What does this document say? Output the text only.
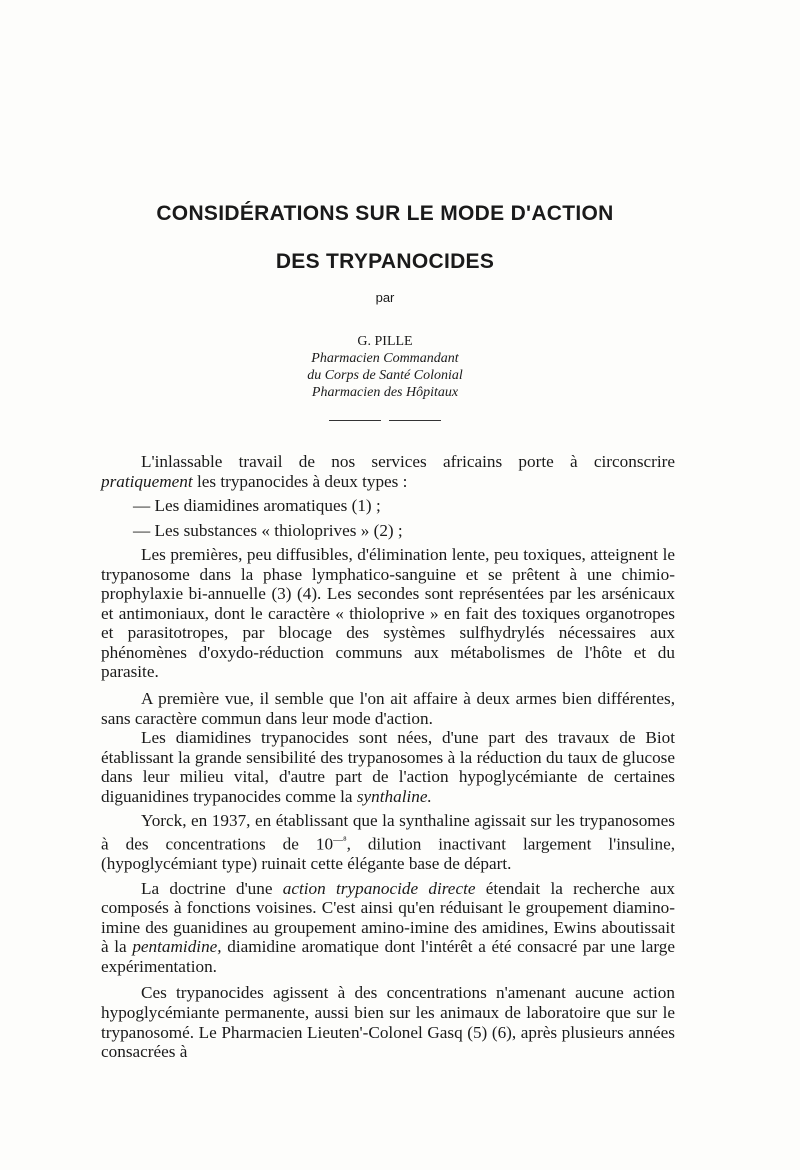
CONSIDÉRATIONS SUR LE MODE D'ACTION
DES TRYPANOCIDES
par
G. PILLE
Pharmacien Commandant
du Corps de Santé Colonial
Pharmacien des Hôpitaux

L'inlassable travail de nos services africains porte à circonscrire pratiquement les trypanocides à deux types :

— Les diamidines aromatiques (1) ;

— Les substances « thioloprives » (2) ;

Les premières, peu diffusibles, d'élimination lente, peu toxiques, atteignent le trypanosome dans la phase lymphatico-sanguine et se prêtent à une chimio-prophylaxie bi-annuelle (3) (4). Les secondes sont représentées par les arsénicaux et antimoniaux, dont le caractère « thioloprive » en fait des toxiques organotropes et parasitotropes, par blocage des systèmes sulfhydrylés nécessaires aux phénomènes d'oxydo-réduction communs aux métabolismes de l'hôte et du parasite.

A première vue, il semble que l'on ait affaire à deux armes bien différentes, sans caractère commun dans leur mode d'action.

Les diamidines trypanocides sont nées, d'une part des travaux de Biot établissant la grande sensibilité des trypanosomes à la réduction du taux de glucose dans leur milieu vital, d'autre part de l'action hypoglycémiante de certaines diguanidines trypanocides comme la synthaline.

Yorck, en 1937, en établissant que la synthaline agissait sur les trypanosomes à des concentrations de $10^{—^8}$, dilution inactivant largement l'insuline, (hypoglycémiant type) ruinait cette élégante base de départ.

La doctrine d'une action trypanocide directe étendait la recherche aux composés à fonctions voisines. C'est ainsi qu'en réduisant le groupement diamino-imine des guanidines au groupement amino-imine des amidines, Ewins aboutissait à la pentamidine, diamidine aromatique dont l'intérêt a été consacré par une large expérimentation.

Ces trypanocides agissent à des concentrations n'amenant aucune action hypoglycémiante permanente, aussi bien sur les animaux de laboratoire que sur le trypanosomé. Le Pharmacien Lieuten'-Colonel Gasq (5) (6), après plusieurs années consacrées à
